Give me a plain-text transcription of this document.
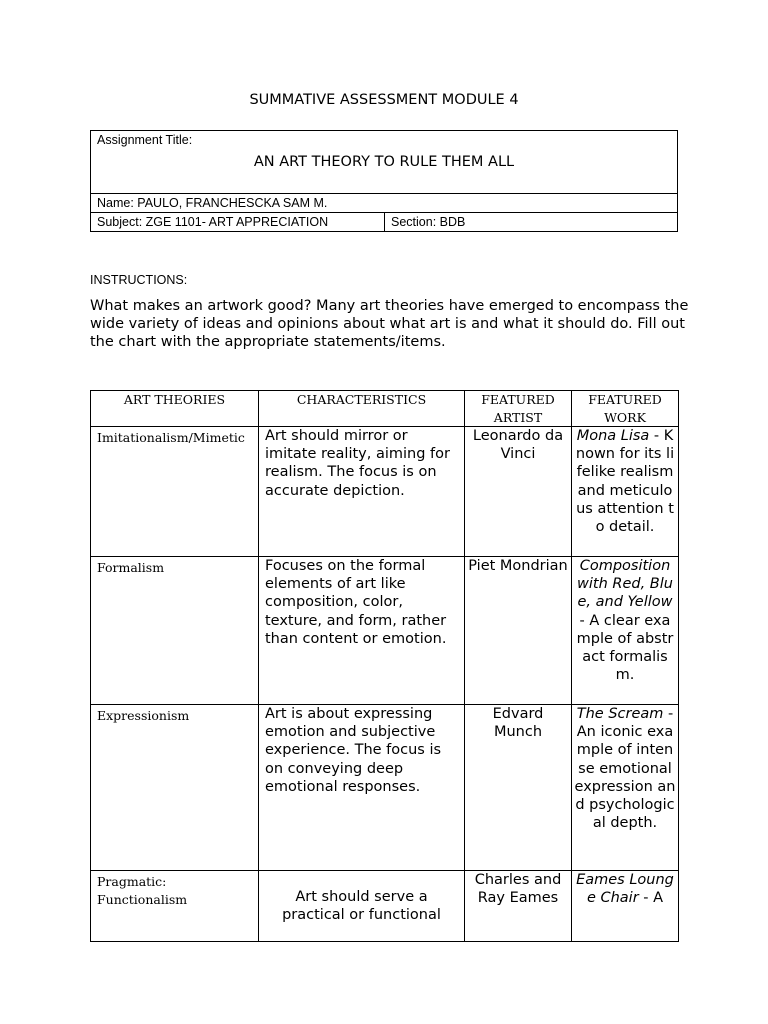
SUMMATIVE ASSESSMENT MODULE 4
Assignment Title:
AN ART THEORY TO RULE THEM ALL

Name: PAULO, FRANCHESCKA SAM M.
Subject: ZGE 1101- ART APPRECIATION	Section: BDB
INSTRUCTIONS:
What makes an artwork good? Many art theories have emerged to encompass the wide variety of ideas and opinions about what art is and what it should do. Fill out the chart with the appropriate statements/items.
ART THEORIES	CHARACTERISTICS	FEATURED ARTIST	FEATURED WORK
Imitationalism/Mimetic	Art should mirror or imitate reality, aiming for realism. The focus is on accurate depiction.	Leonardo da Vinci	Mona Lisa - Known for its lifelike realism and meticulous attention to detail.
Formalism	Focuses on the formal elements of art like composition, color, texture, and form, rather than content or emotion.	Piet Mondrian	Composition with Red, Blue, and Yellow - A clear example of abstract formalism.
Expressionism	Art is about expressing emotion and subjective experience. The focus is on conveying deep emotional responses.	Edvard Munch	The Scream - An iconic example of intense emotional expression and psychological depth.
Pragmatic: Functionalism	Art should serve a practical or functional	Charles and Ray Eames	Eames Lounge Chair - A
